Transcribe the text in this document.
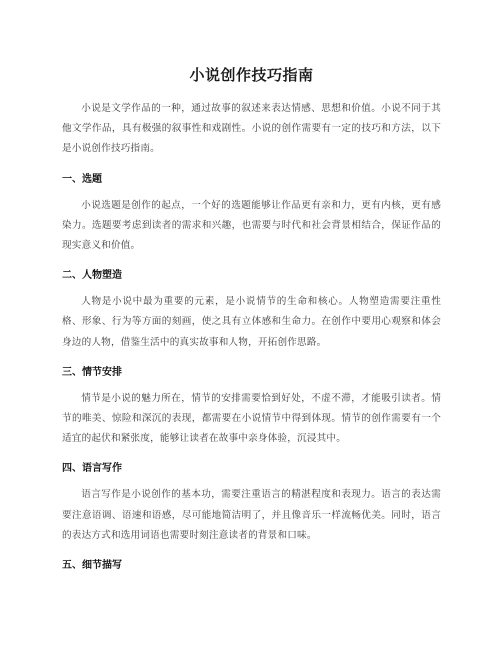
小说创作技巧指南

小说是文学作品的一种，通过故事的叙述来表达情感、思想和价值。小说不同于其他文学作品，具有极强的叙事性和戏剧性。小说的创作需要有一定的技巧和方法，以下是小说创作技巧指南。

一、选题

小说选题是创作的起点，一个好的选题能够让作品更有亲和力，更有内核，更有感染力。选题要考虑到读者的需求和兴趣，也需要与时代和社会背景相结合，保证作品的现实意义和价值。

二、人物塑造

人物是小说中最为重要的元素，是小说情节的生命和核心。人物塑造需要注重性格、形象、行为等方面的刻画，使之具有立体感和生命力。在创作中要用心观察和体会身边的人物，借鉴生活中的真实故事和人物，开拓创作思路。

三、情节安排

情节是小说的魅力所在，情节的安排需要恰到好处，不虚不滞，才能吸引读者。情节的唯美、惊险和深沉的表现，都需要在小说情节中得到体现。情节的创作需要有一个适宜的起伏和紧张度，能够让读者在故事中亲身体验，沉浸其中。

四、语言写作

语言写作是小说创作的基本功，需要注重语言的精湛程度和表现力。语言的表达需要注意语调、语速和语感，尽可能地简洁明了，并且像音乐一样流畅优美。同时，语言的表达方式和选用词语也需要时刻注意读者的背景和口味。

五、细节描写
